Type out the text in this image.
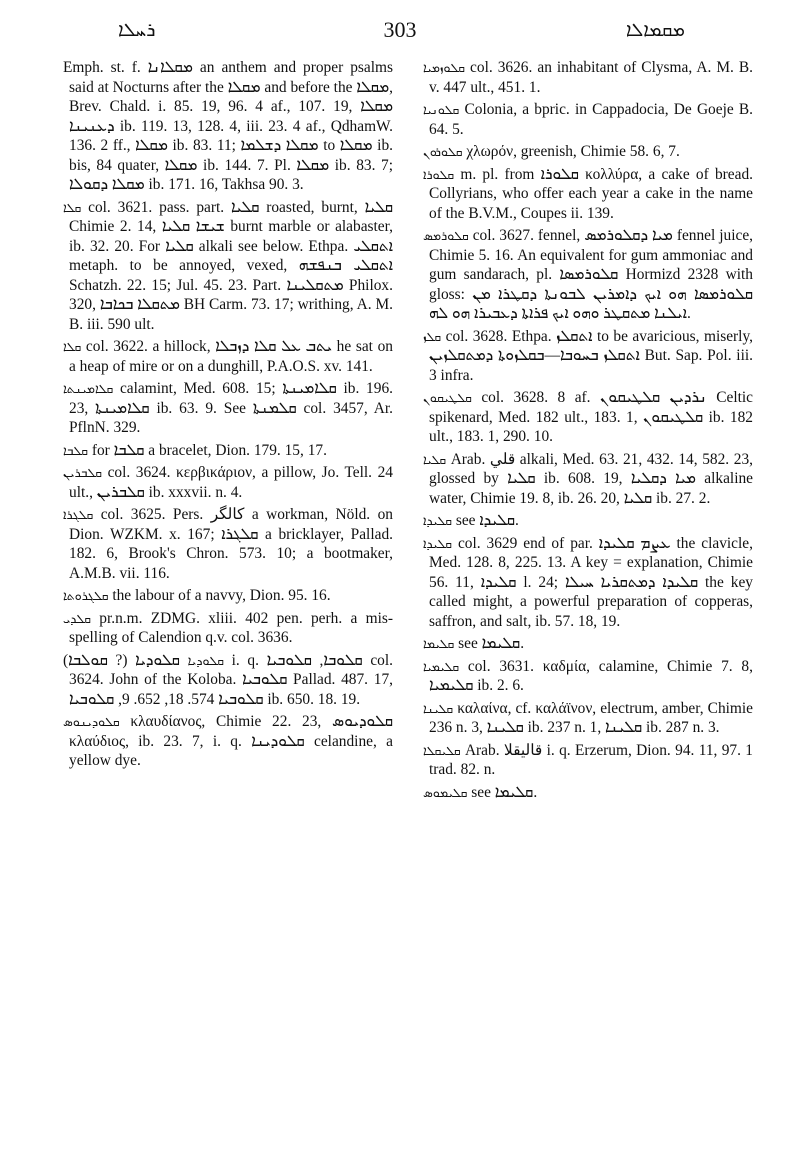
ܪܚܠܐ	303	ܡܩܡܐܠܐ

Emph. st. f. ܡܩܠܐܢܐ an anthem and proper psalms said at Nocturns after the ܡܩܠܐ and before the ܡܩܠܐ, Brev. Chald. i. 85. 19, 96. 4 af., 107. 19, ܡܩܠܐ ܕܥܢܝܢܐ ib. 119. 13, 128. 4, iii. 23. 4 af., QdhamW. 136. 2 ff., ܡܩܠܐ ib. 83. 11; ܡܩܠܐ ܕܫܠܡܐ to ܡܩܠܐ ib. bis, 84 quater, ܡܩܠܐ ib. 144. 7. Pl. ܡܩܠܐ ib. 83. 7; ܡܩܠܐ ܕܩܘܠܐ ib. 171. 16, Takhsa 90. 3.

ܩܠܐ col. 3621. pass. part. ܩܠܝܐ roasted, burnt, ܩܠܝܐ Chimie 2. 14, ܫܝܫܐ ܩܠܝܐ burnt marble or alabaster, ib. 32. 20. For ܩܠܝܐ alkali see below. Ethpa. ܐܬܩܠܝ metaph. to be annoyed, vexed, ܐܬܩܠܝ ܒܢܦܫܗ Schatzh. 22. 15; Jul. 45. 23. Part. ܡܬܩܠܝܢܐ Philox. 320, ܡܬܩܠܐ ܒܟܐܒܐ BH Carm. 73. 17; writhing, A. M. B. iii. 590 ult.

ܩܠܐ col. 3622. a hillock, ܝܬܒ ܥܠ ܩܠܐ ܕܙܒܠܐ he sat on a heap of mire or on a dunghill, P.A.O.S. xv. 141.

ܩܠܐܡܝܢܬܐ calamint, Med. 608. 15; ܩܠܐܡܝܢܬܐ ib. 196. 23, ܩܠܐܡܝܢܬܐ ib. 63. 9. See ܩܠܡܢܬܐ col. 3457, Ar. PflnN. 329.

ܩܠܒܐ for ܩܠܒܐ a bracelet, Dion. 179. 15, 17.

ܩܠܒܪܝܢ col. 3624. κερβικάριον, a pillow, Jo. Tell. 24 ult., ܩܠܒܪܝܢ ib. xxxvii. n. 4.

ܩܠܓܪܐ col. 3625. Pers. کالگر a workman, Nöld. on Dion. WZKM. x. 167; ܩܠܓܪܐ a bricklayer, Pallad. 182. 6, Brook's Chron. 573. 10; a bootmaker, A.M.B. vii. 116.

ܩܠܓܪܘܬܐ the labour of a navvy, Dion. 95. 16.

ܩܠܕܝ pr.n.m. ZDMG. xliii. 402 pen. perh. a mis-spelling of Calendion q.v. col. 3636.

ܩܠܘܕܝܐ ܩܠܘܕܝܐ (? ܩܘܠܒܐ) i. q. ܩܠܘܒܐ, ܩܠܘܒܝܐ col. 3624. John of the Koloba. ܩܠܘܒܝܐ Pallad. 487. 17, ܩܠܘܒܝܐ 574. 18, 652. 9, ܩܠܘܒܝܐ ib. 650. 18. 19.

ܩܠܘܕܝܢܘܣ κλαυδίανος, Chimie 22. 23, ܩܠܘܕܝܘܣ κλαύδιος, ib. 23. 7, i. q. ܩܠܘܕܝܢܐ celandine, a yellow dye.

ܩܠܘܙܡܝܐ col. 3626. an inhabitant of Clysma, A. M. B. v. 447 ult., 451. 1.

ܩܠܘܢܝܐ Colonia, a bpric. in Cappadocia, De Goeje B. 64. 5.

ܩܠܘܪܘܢ χλωρόν, greenish, Chimie 58. 6, 7.

ܩܠܘܪܐ m. pl. from ܩܠܘܪܐ κολλύρα, a cake of bread. Collyrians, who offer each year a cake in the name of the B.V.M., Coupes ii. 139.

ܩܠܘܪܡܣ col. 3627. fennel, ܡܝܐ ܕܩܠܘܪܡܣ fennel juice, Chimie 5. 16. An equivalent for gum ammoniac and gum sandarach, pl. ܩܠܘܪܡܣܐ Hormizd 2328 with gloss: ܩܠܘܪܡܣܐ ܗܘ ܐܝܟ ܕܐܡܪܝܢ ܠܒܘܢܬܐ ܕܩܛܪܐ ܡܢ ܐܝܠܢܐ ܡܬܩܛܪ ܘܗܘ ܐܝܟ ܦܪܐܬܐ ܕܥܒܝܪܐ ܗܘ ܠܗ.

ܩܠܙ col. 3628. Ethpa. ܐܬܩܠܙ to be avaricious, miserly, ܐܬܩܠܙ ܒܚܘܒܐ—ܒܩܠܙܘܬܐ ܕܡܬܩܠܙܝܢ But. Sap. Pol. iii. 3 infra.

ܩܠܛܝܩܘܢ col. 3628. 8 af. ܢܪܕܝܢ ܩܠܛܝܩܘܢ Celtic spikenard, Med. 182 ult., 183. 1, ܩܠܛܝܩܘܢ ib. 182 ult., 183. 1, 290. 10.

ܩܠܝܐ Arab. قلي alkali, Med. 63. 21, 432. 14, 582. 23, glossed by ܩܠܝܐ ib. 608. 19, ܡܝܐ ܕܩܠܝܐ alkaline water, Chimie 19. 8, ib. 26. 20, ܩܠܝܐ ib. 27. 2.

ܩܠܝܕܐ see ܩܠܝܕܐ.

ܩܠܝܕܐ col. 3629 end of par. ܥܨܡ ܩܠܝܕܐ the clavicle, Med. 128. 8, 225. 13. A key = explanation, Chimie 56. 11, ܩܠܝܕܐ l. 24; ܩܠܝܕܐ ܕܡܬܩܪܝܐ ܚܝܠܐ the key called might, a powerful preparation of copperas, saffron, and salt, ib. 57. 18, 19.

ܩܠܝܡܐ see ܩܠܝܡܐ.

ܩܠܝܡܝܐ col. 3631. καδμία, calamine, Chimie 7. 8, ܩܠܝܡܝܐ ib. 2. 6.

ܩܠܝܢܐ καλαίνα, cf. καλάϊνον, electrum, amber, Chimie 236 n. 3, ܩܠܝܢܐ ib. 237 n. 1, ܩܠܝܢܐ ib. 287 n. 3.

ܩܠܝܩܠܐ Arab. قاليقلا i. q. Erzerum, Dion. 94. 11, 97. 1 trad. 82. n.

ܩܠܝܡܘܣ see ܩܠܝܡܐ.
